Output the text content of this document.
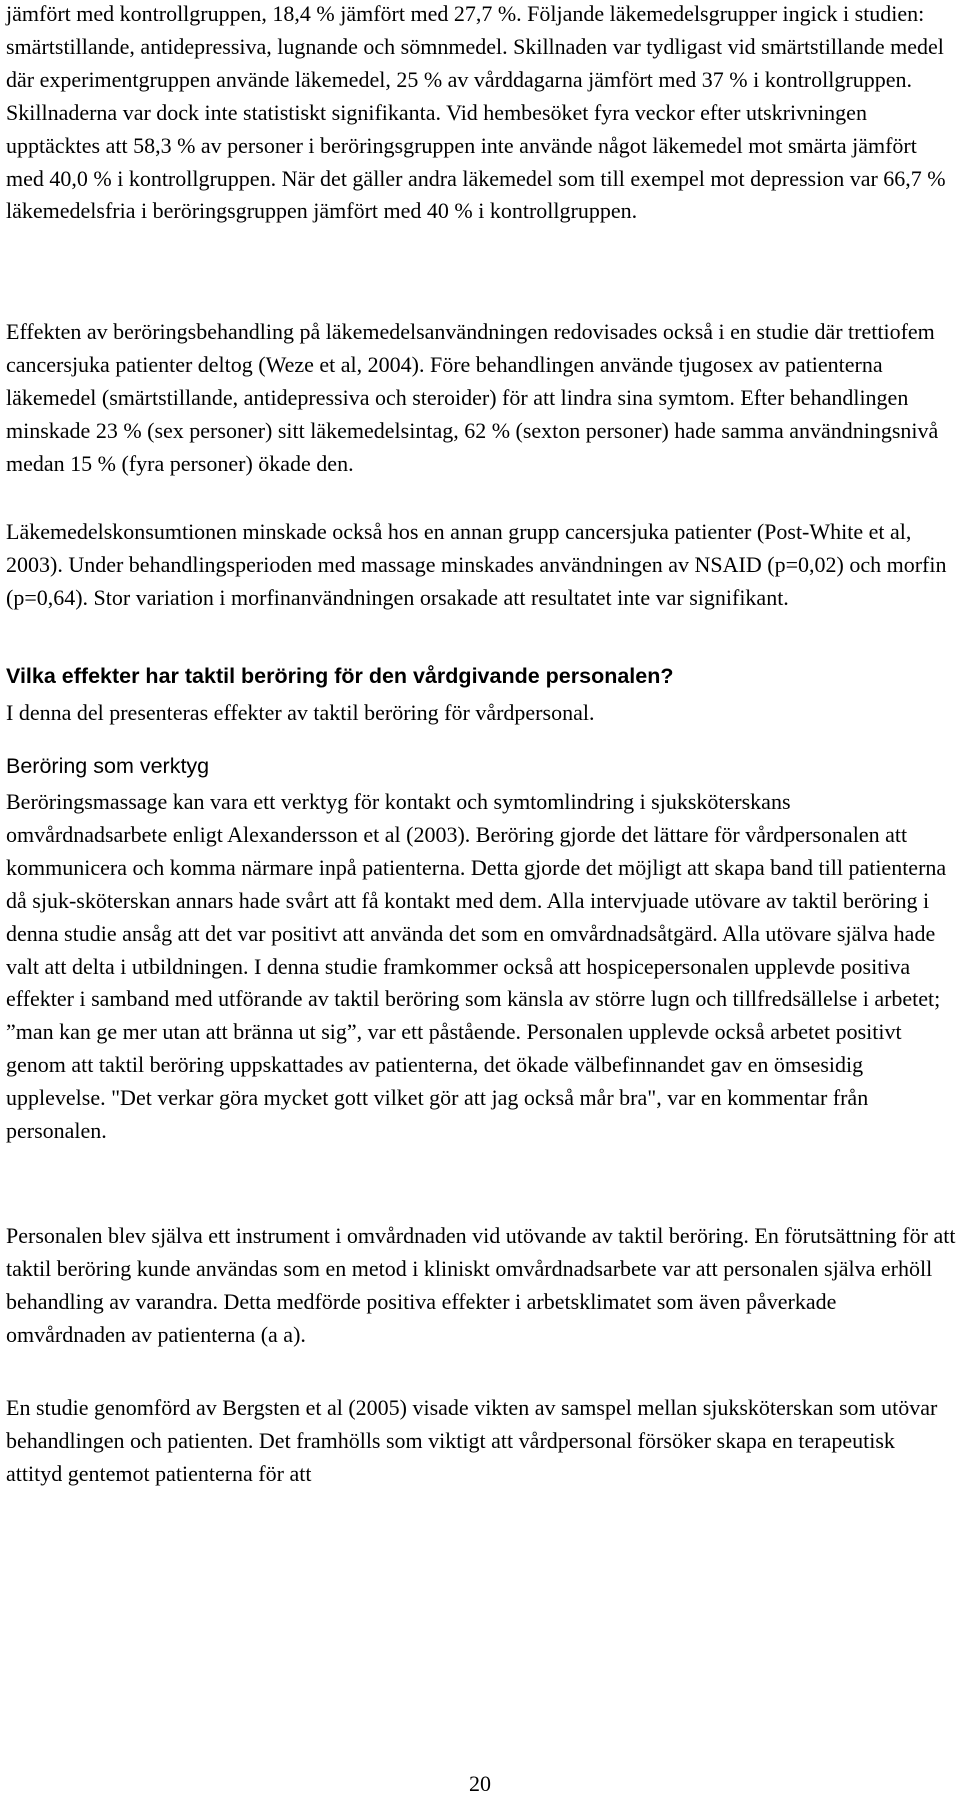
jämfört med kontrollgruppen, 18,4 % jämfört med 27,7 %. Följande läkemedelsgrupper ingick i studien: smärtstillande, antidepressiva, lugnande och sömnmedel. Skillnaden var tydligast vid smärtstillande medel där experimentgruppen använde läkemedel, 25 % av vårddagarna jämfört med 37 % i kontrollgruppen. Skillnaderna var dock inte statistiskt signifikanta. Vid hembesöket fyra veckor efter utskrivningen upptäcktes att 58,3 % av personer i beröringsgruppen inte använde något läkemedel mot smärta jämfört med 40,0 % i kontrollgruppen. När det gäller andra läkemedel som till exempel mot depression var 66,7 % läkemedelsfria i beröringsgruppen jämfört med 40 % i kontrollgruppen.

Effekten av beröringsbehandling på läkemedelsanvändningen redovisades också i en studie där trettiofem cancersjuka patienter deltog (Weze et al, 2004). Före behandlingen använde tjugosex av patienterna läkemedel (smärtstillande, antidepressiva och steroider) för att lindra sina symtom. Efter behandlingen minskade 23 % (sex personer) sitt läkemedelsintag, 62 % (sexton personer) hade samma användningsnivå medan 15 % (fyra personer) ökade den.

Läkemedelskonsumtionen minskade också hos en annan grupp cancersjuka patienter (Post-White et al, 2003). Under behandlingsperioden med massage minskades användningen av NSAID (p=0,02) och morfin (p=0,64). Stor variation i morfinanvändningen orsakade att resultatet inte var signifikant.

Vilka effekter har taktil beröring för den vårdgivande personalen?

I denna del presenteras effekter av taktil beröring för vårdpersonal.

Beröring som verktyg

Beröringsmassage kan vara ett verktyg för kontakt och symtomlindring i sjuksköterskans omvårdnadsarbete enligt Alexandersson et al (2003). Beröring gjorde det lättare för vårdpersonalen att kommunicera och komma närmare inpå patienterna. Detta gjorde det möjligt att skapa band till patienterna då sjuk-sköterskan annars hade svårt att få kontakt med dem. Alla intervjuade utövare av taktil beröring i denna studie ansåg att det var positivt att använda det som en omvårdnadsåtgärd. Alla utövare själva hade valt att delta i utbildningen. I denna studie framkommer också att hospicepersonalen upplevde positiva effekter i samband med utförande av taktil beröring som känsla av större lugn och tillfredsällelse i arbetet; ”man kan ge mer utan att bränna ut sig”, var ett påstående. Personalen upplevde också arbetet positivt genom att taktil beröring uppskattades av patienterna, det ökade välbefinnandet gav en ömsesidig upplevelse. "Det verkar göra mycket gott vilket gör att jag också mår bra", var en kommentar från personalen.

Personalen blev själva ett instrument i omvårdnaden vid utövande av taktil beröring. En förutsättning för att taktil beröring kunde användas som en metod i kliniskt omvårdnadsarbete var att personalen själva erhöll behandling av varandra. Detta medförde positiva effekter i arbetsklimatet som även påverkade omvårdnaden av patienterna (a a).

En studie genomförd av Bergsten et al (2005) visade vikten av samspel mellan sjuksköterskan som utövar behandlingen och patienten. Det framhölls som viktigt att vårdpersonal försöker skapa en terapeutisk attityd gentemot patienterna för att

20
